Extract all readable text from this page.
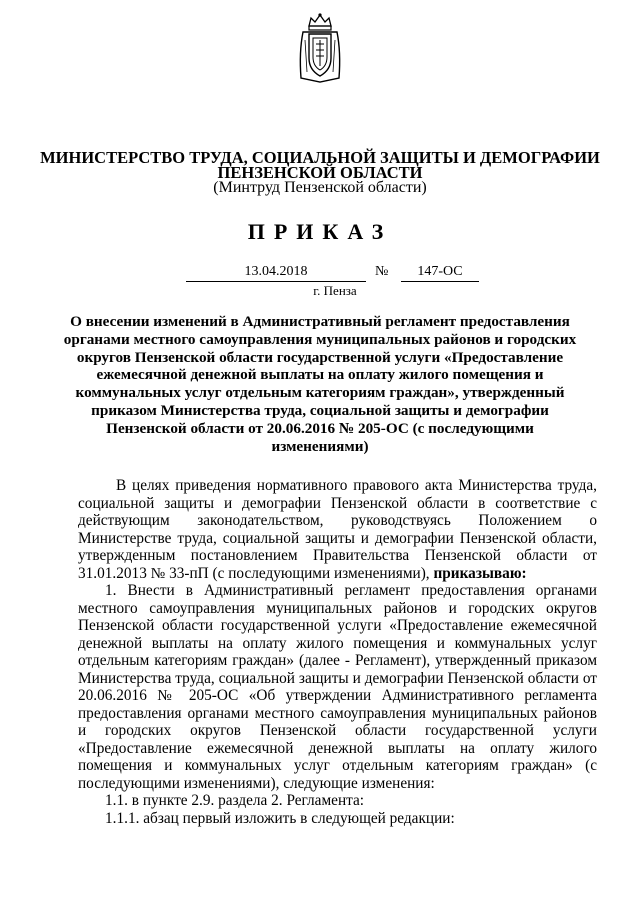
МИНИСТЕРСТВО ТРУДА, СОЦИАЛЬНОЙ ЗАЩИТЫ И ДЕМОГРАФИИ
ПЕНЗЕНСКОЙ ОБЛАСТИ
(Минтруд Пензенской области)
ПРИКАЗ
13.04.2018	№	147-ОС
г. Пенза
О внесении изменений в Административный регламент предоставления органами местного самоуправления муниципальных районов и городских округов Пензенской области государственной услуги «Предоставление ежемесячной денежной выплаты на оплату жилого помещения и коммунальных услуг отдельным категориям граждан», утвержденный приказом Министерства труда, социальной защиты и демографии Пензенской области от 20.06.2016 № 205-ОС (с последующими изменениями)

В целях приведения нормативного правового акта Министерства труда, социальной защиты и демографии Пензенской области в соответствие с действующим законодательством, руководствуясь Положением о Министерстве труда, социальной защиты и демографии Пензенской области, утвержденным постановлением Правительства Пензенской области от 31.01.2013 № 33-пП (с последующими изменениями), приказываю:

1. Внести в Административный регламент предоставления органами местного самоуправления муниципальных районов и городских округов Пензенской области государственной услуги «Предоставление ежемесячной денежной выплаты на оплату жилого помещения и коммунальных услуг отдельным категориям граждан» (далее - Регламент), утвержденный приказом Министерства труда, социальной защиты и демографии Пензенской области от 20.06.2016 № 205-ОС «Об утверждении Административного регламента предоставления органами местного самоуправления муниципальных районов и городских округов Пензенской области государственной услуги «Предоставление ежемесячной денежной выплаты на оплату жилого помещения и коммунальных услуг отдельным категориям граждан» (с последующими изменениями), следующие изменения:

1.1. в пункте 2.9. раздела 2. Регламента:

1.1.1. абзац первый изложить в следующей редакции:
